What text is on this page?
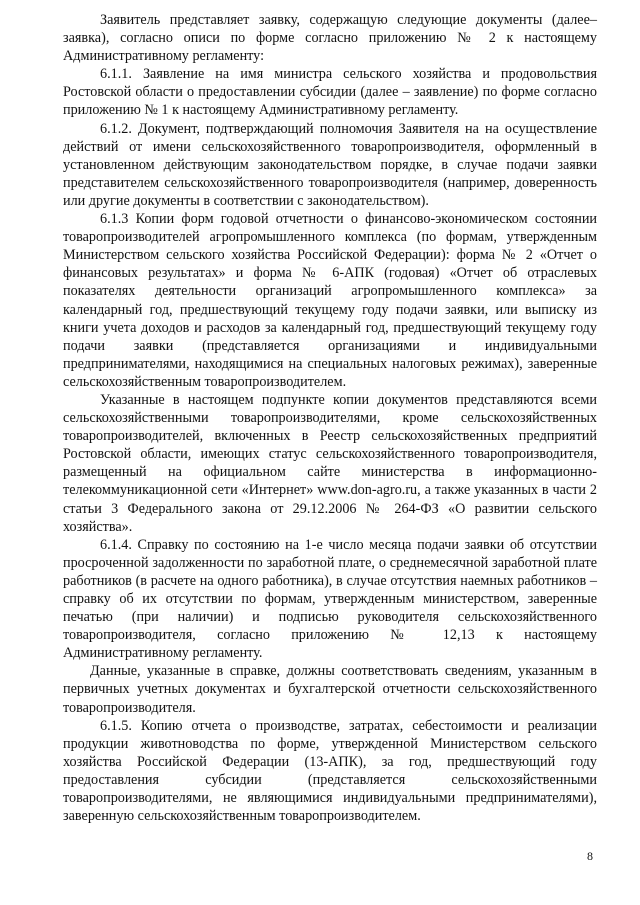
Заявитель представляет заявку, содержащую следующие документы (далее– заявка), согласно описи по форме согласно приложению № 2 к настоящему Административному регламенту:

6.1.1. Заявление на имя министра сельского хозяйства и продовольствия Ростовской области о предоставлении субсидии (далее – заявление) по форме согласно приложению № 1 к настоящему Административному регламенту.

6.1.2. Документ, подтверждающий полномочия Заявителя на на осуществление действий от имени сельскохозяйственного товаропроизводителя, оформленный в установленном действующим законодательством порядке, в случае подачи заявки представителем сельскохозяйственного товаропроизводителя (например, доверенность или другие документы в соответствии с законодательством).

6.1.3 Копии форм годовой отчетности о финансово-экономическом состоянии товаропроизводителей агропромышленного комплекса (по формам, утвержденным Министерством сельского хозяйства Российской Федерации): форма № 2 «Отчет о финансовых результатах» и форма № 6-АПК (годовая) «Отчет об отраслевых показателях деятельности организаций агропромышленного комплекса» за календарный год, предшествующий текущему году подачи заявки, или выписку из книги учета доходов и расходов за календарный год, предшествующий текущему году подачи заявки (представляется организациями и индивидуальными предпринимателями, находящимися на специальных налоговых режимах), заверенные сельскохозяйственным товаропроизводителем.

Указанные в настоящем подпункте копии документов представляются всеми сельскохозяйственными товаропроизводителями, кроме сельскохозяйственных товаропроизводителей, включенных в Реестр сельскохозяйственных предприятий Ростовской области, имеющих статус сельскохозяйственного товаропроизводителя, размещенный на официальном сайте министерства в информационно-телекоммуникационной сети «Интернет» www.don-agro.ru, а также указанных в части 2 статьи 3 Федерального закона от 29.12.2006 № 264-ФЗ «О развитии сельского хозяйства».

6.1.4. Справку по состоянию на 1-е число месяца подачи заявки об отсутствии просроченной задолженности по заработной плате, о среднемесячной заработной плате работников (в расчете на одного работника), в случае отсутствия наемных работников – справку об их отсутствии по формам, утвержденным министерством, заверенные печатью (при наличии) и подписью руководителя сельскохозяйственного товаропроизводителя, согласно приложению № 12,13 к настоящему Административному регламенту.

Данные, указанные в справке, должны соответствовать сведениям, указанным в первичных учетных документах и бухгалтерской отчетности сельскохозяйственного товаропроизводителя.

6.1.5. Копию отчета о производстве, затратах, себестоимости и реализации продукции животноводства по форме, утвержденной Министерством сельского хозяйства Российской Федерации (13-АПК), за год, предшествующий году предоставления субсидии (представляется сельскохозяйственными товаропроизводителями, не являющимися индивидуальными предпринимателями), заверенную сельскохозяйственным товаропроизводителем.

8
